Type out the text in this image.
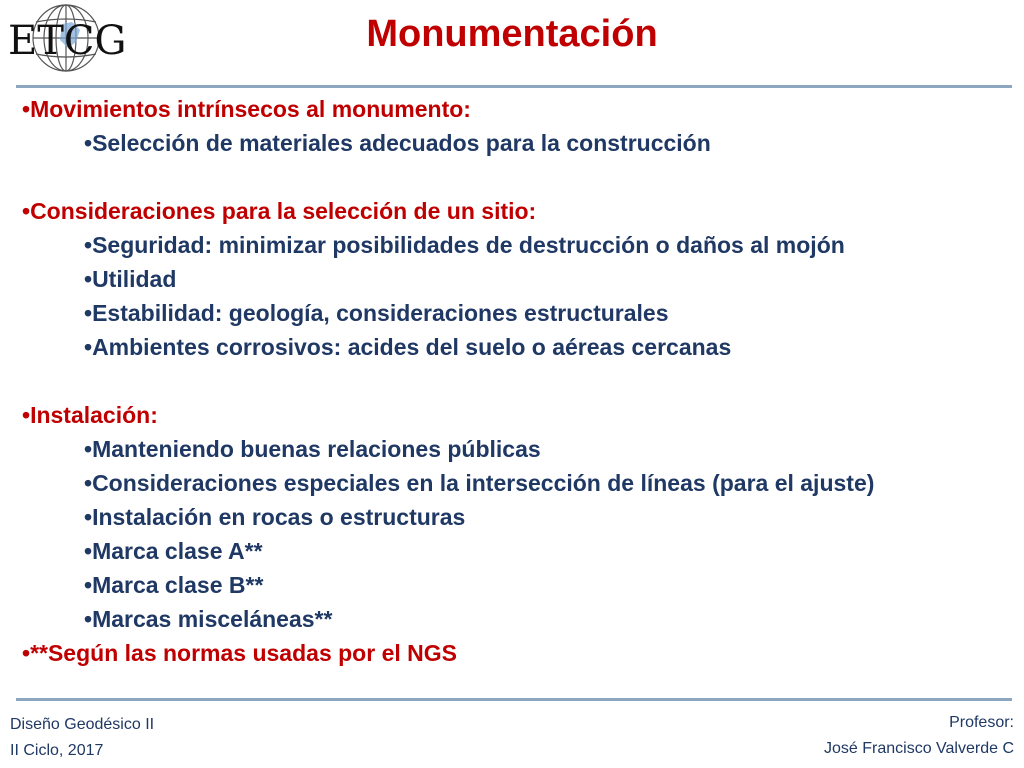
ETCG	Monumentación
•Movimientos intrínsecos al monumento:
•Selección de materiales adecuados para la construcción
•Consideraciones para la selección de un sitio:
•Seguridad: minimizar posibilidades de destrucción o daños al mojón
•Utilidad
•Estabilidad: geología, consideraciones estructurales
•Ambientes corrosivos: acides del suelo o aéreas cercanas
•Instalación:
•Manteniendo buenas relaciones públicas
•Consideraciones especiales en la intersección de líneas (para el ajuste)
•Instalación en rocas o estructuras
•Marca clase A**
•Marca clase B**
•Marcas misceláneas**
•**Según las normas usadas por el NGS
Diseño Geodésico II
II Ciclo, 2017
Profesor:
José Francisco Valverde C
